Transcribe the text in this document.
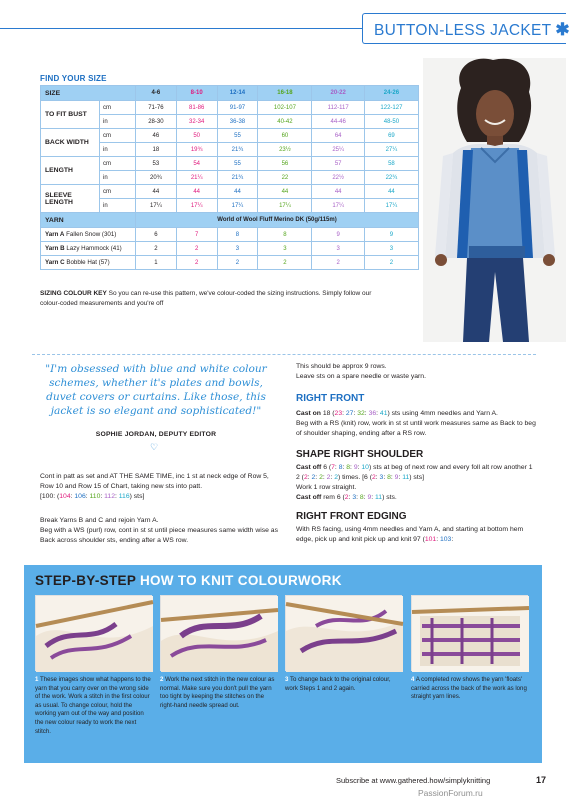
BUTTON-LESS JACKET ✱
FIND YOUR SIZE
SIZE		4-6	8-10	12-14	16-18	20-22	24-26
TO FIT BUST	cm	71-76	81-86	91-97	102-107	112-117	122-127
	in	28-30	32-34	36-38	40-42	44-46	48-50
BACK WIDTH	cm	46	50	55	60	64	69
	in	18	19¾	21¾	23½	25¼	27¼
LENGTH	cm	53	54	55	56	57	58
	in	20¾	21¼	21¾	22	22½	22¾
SLEEVE LENGTH	cm	44	44	44	44	44	44
	in	17¼	17¼	17¼	17¼	17¼	17¼
YARN		World of Wool Fluff Merino DK (50g/115m)					
Yarn A Fallen Snow (301)		6	7	8	8	9	9
Yarn B Lazy Hammock (41)		2	2	3	3	3	3
Yarn C Bobble Hat (57)		1	2	2	2	2	2
SIZING COLOUR KEY So you can re-use this pattern, we've colour-coded the sizing instructions. Simply follow our colour-coded measurements and you're off
"I'm obsessed with blue and white colour schemes, whether it's plates and bowls, duvet covers or curtains. Like those, this jacket is so elegant and sophisticated!"
SOPHIE JORDAN, DEPUTY EDITOR
♡
Cont in patt as set and AT THE SAME TIME, inc 1 st at neck edge of Row 5, Row 10 and Row 15 of Chart, taking new sts into patt.
[100: (104: 106: 110: 112: 116) sts]
Break Yarns B and C and rejoin Yarn A.
Beg with a WS (purl) row, cont in st st until piece measures same width wise as Back across shoulder sts, ending after a WS row.
This should be approx 9 rows.
Leave sts on a spare needle or waste yarn.
RIGHT FRONT
Cast on 18 (23: 27: 32: 36: 41) sts using 4mm needles and Yarn A.
Beg with a RS (knit) row, work in st st until work measures same as Back to beg of shoulder shaping, ending after a RS row.
SHAPE RIGHT SHOULDER
Cast off 6 (7: 8: 8: 9: 10) sts at beg of next row and every foll alt row another 1 2 (2: 2: 2: 2: 2) times. [6 (2: 3: 8: 9: 11) sts]
Work 1 row straight.
Cast off rem 6 (2: 3: 8: 9: 11) sts.
RIGHT FRONT EDGING
With RS facing, using 4mm needles and Yarn A, and starting at bottom hem edge, pick up and knit pick up and knit 97 (101: 103:
STEP-BY-STEP HOW TO KNIT COLOURWORK
1 These images show what happens to the yarn that you carry over on the wrong side of the work. Work a stitch in the first colour as usual. To change colour, hold the working yarn out of the way and position the new colour ready to work the next stitch.
2 Work the next stitch in the new colour as normal. Make sure you don't pull the yarn too tight by keeping the stitches on the right-hand needle spread out.
3 To change back to the original colour, work Steps 1 and 2 again.
4 A completed row shows the yarn 'floats' carried across the back of the work as long straight yarn lines.
Subscribe at www.gathered.how/simplyknitting	17
PassionForum.ru
